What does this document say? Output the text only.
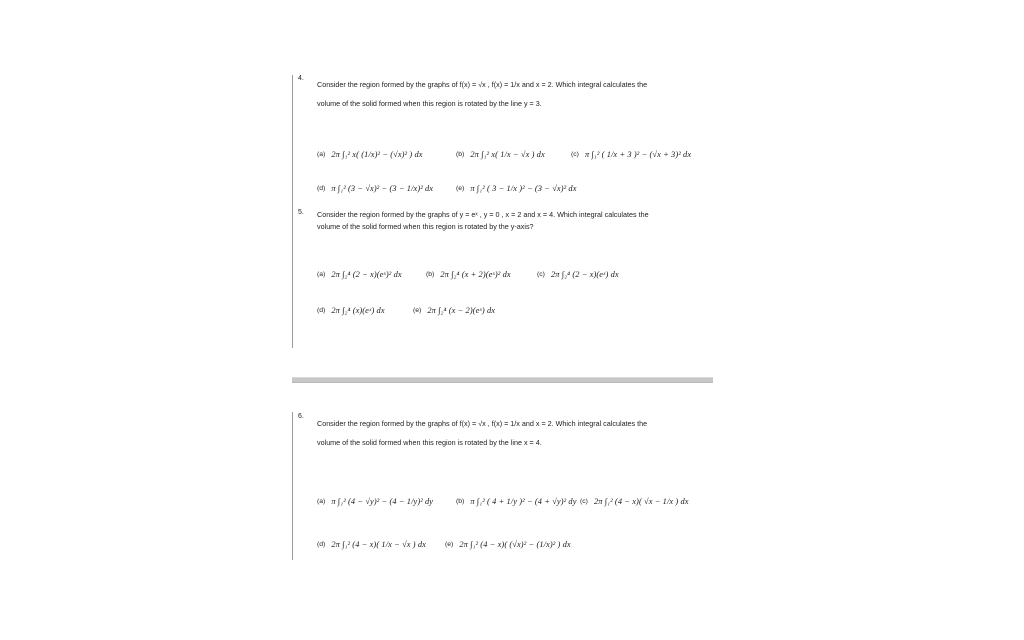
4.
Consider the region formed by the graphs of f(x) = √x , f(x) = 1/x and x = 2. Which integral calculates the
volume of the solid formed when this region is rotated by the line y = 3.
(a) 2π ∫₁² x( (1/x)² − (√x)² ) dx	(b) 2π ∫₁² x( 1/x − √x ) dx	(c) π ∫₁² ( 1/x + 3 )² − (√x + 3)² dx
(d) π ∫₁² (3 − √x)² − (3 − 1/x)² dx	(e) π ∫₁² ( 3 − 1/x )² − (3 − √x)² dx
5. Consider the region formed by the graphs of y = eˣ , y = 0 , x = 2 and x = 4. Which integral calculates the
volume of the solid formed when this region is rotated by the y-axis?
(a) 2π ∫₂⁴ (2 − x)(eˣ)² dx	(b) 2π ∫₂⁴ (x + 2)(eˣ)² dx	(c) 2π ∫₂⁴ (2 − x)(eˣ) dx
(d) 2π ∫₂⁴ (x)(eˣ) dx	(e) 2π ∫₂⁴ (x − 2)(eˣ) dx
6.
Consider the region formed by the graphs of f(x) = √x , f(x) = 1/x and x = 2. Which integral calculates the
volume of the solid formed when this region is rotated by the line x = 4.
(a) π ∫₁² (4 − √y)² − (4 − 1/y)² dy	(b) π ∫₁² ( 4 + 1/y )² − (4 + √y)² dy (c) 2π ∫₁² (4 − x)( √x − 1/x ) dx
(d) 2π ∫₁² (4 − x)( 1/x − √x ) dx	(e) 2π ∫₁² (4 − x)( (√x)² − (1/x)² ) dx
